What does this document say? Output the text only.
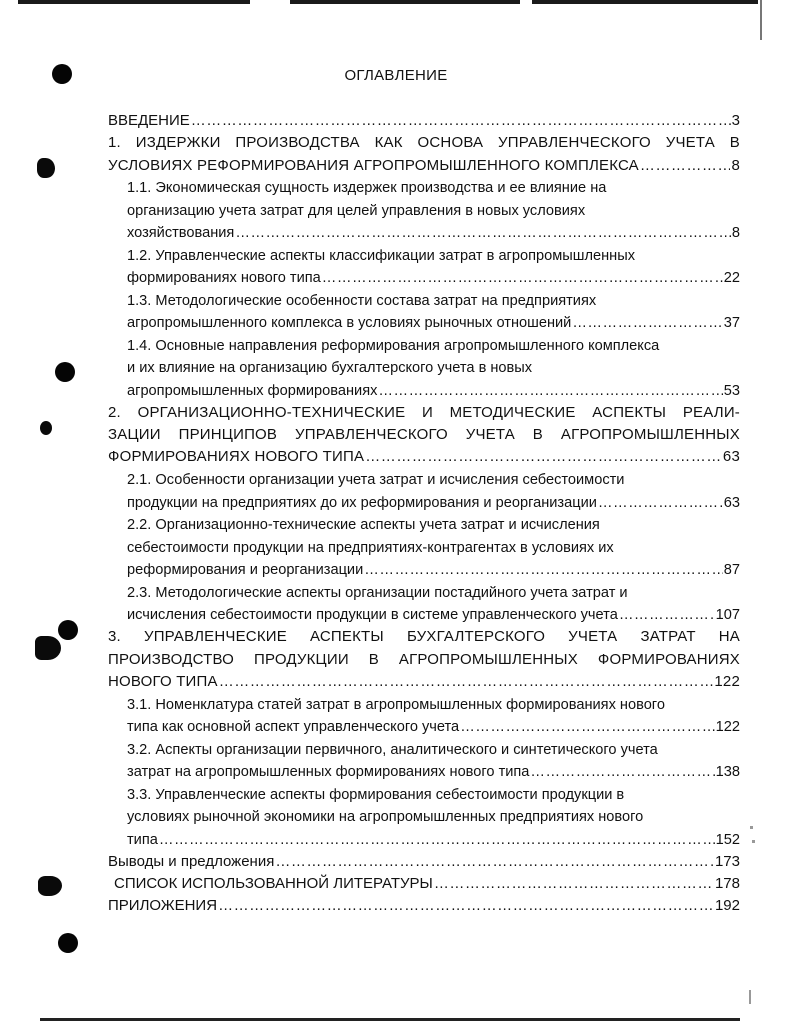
ОГЛАВЛЕНИЕ
ВВЕДЕНИЕ ……………………………………………………………………………………………………………………………………………………………………………………	3
1. ИЗДЕРЖКИ ПРОИЗВОДСТВА КАК ОСНОВА УПРАВЛЕНЧЕСКОГО УЧЕТА В
УСЛОВИЯХ РЕФОРМИРОВАНИЯ АГРОПРОМЫШЛЕННОГО КОМПЛЕКСА ……………………………………………………………………………………………………………………………………………………………………………………	8
1.1. Экономическая сущность издержек производства и ее влияние на
организацию учета затрат для целей управления в новых условиях
хозяйствования ……………………………………………………………………………………………………………………………………………………………………………………	8
1.2. Управленческие аспекты классификации затрат в агропромышленных
формированиях нового типа ……………………………………………………………………………………………………………………………………………………………………………………	22
1.3. Методологические особенности состава затрат на предприятиях
агропромышленного комплекса в условиях рыночных отношений ……………………………………………………………………………………………………………………………………………………………………………………	37
1.4. Основные направления реформирования агропромышленного комплекса
и их влияние на организацию бухгалтерского учета в новых
агропромышленных формированиях ……………………………………………………………………………………………………………………………………………………………………………………	53
2. ОРГАНИЗАЦИОННО-ТЕХНИЧЕСКИЕ И МЕТОДИЧЕСКИЕ АСПЕКТЫ РЕАЛИ-
ЗАЦИИ ПРИНЦИПОВ УПРАВЛЕНЧЕСКОГО УЧЕТА В АГРОПРОМЫШЛЕННЫХ
ФОРМИРОВАНИЯХ НОВОГО ТИПА ……………………………………………………………………………………………………………………………………………………………………………………	63
2.1. Особенности организации учета затрат и исчисления себестоимости
продукции на предприятиях до их реформирования и реорганизации ……………………………………………………………………………………………………………………………………………………………………………………	63
2.2. Организационно-технические аспекты учета затрат и исчисления
себестоимости продукции на предприятиях-контрагентах в условиях их
реформирования и реорганизации ……………………………………………………………………………………………………………………………………………………………………………………	87
2.3. Методологические аспекты организации постадийного учета затрат и
исчисления себестоимости продукции в системе управленческого учета ……………………………………………………………………………………………………………………………………………………………………………………	107
3. УПРАВЛЕНЧЕСКИЕ АСПЕКТЫ БУХГАЛТЕРСКОГО УЧЕТА ЗАТРАТ НА
ПРОИЗВОДСТВО ПРОДУКЦИИ В АГРОПРОМЫШЛЕННЫХ ФОРМИРОВАНИЯХ
НОВОГО ТИПА ……………………………………………………………………………………………………………………………………………………………………………………	122
3.1. Номенклатура статей затрат в агропромышленных формированиях нового
типа как основной аспект управленческого учета ……………………………………………………………………………………………………………………………………………………………………………………	122
3.2. Аспекты организации первичного, аналитического и синтетического учета
затрат на агропромышленных формированиях нового типа ……………………………………………………………………………………………………………………………………………………………………………………	138
3.3. Управленческие аспекты формирования себестоимости продукции в
условиях рыночной экономики на агропромышленных предприятиях нового
типа ……………………………………………………………………………………………………………………………………………………………………………………	152
Выводы и предложения ……………………………………………………………………………………………………………………………………………………………………………………	173
СПИСОК ИСПОЛЬЗОВАННОЙ ЛИТЕРАТУРЫ ……………………………………………………………………………………………………………………………………………………………………………………	178
ПРИЛОЖЕНИЯ ……………………………………………………………………………………………………………………………………………………………………………………	192
